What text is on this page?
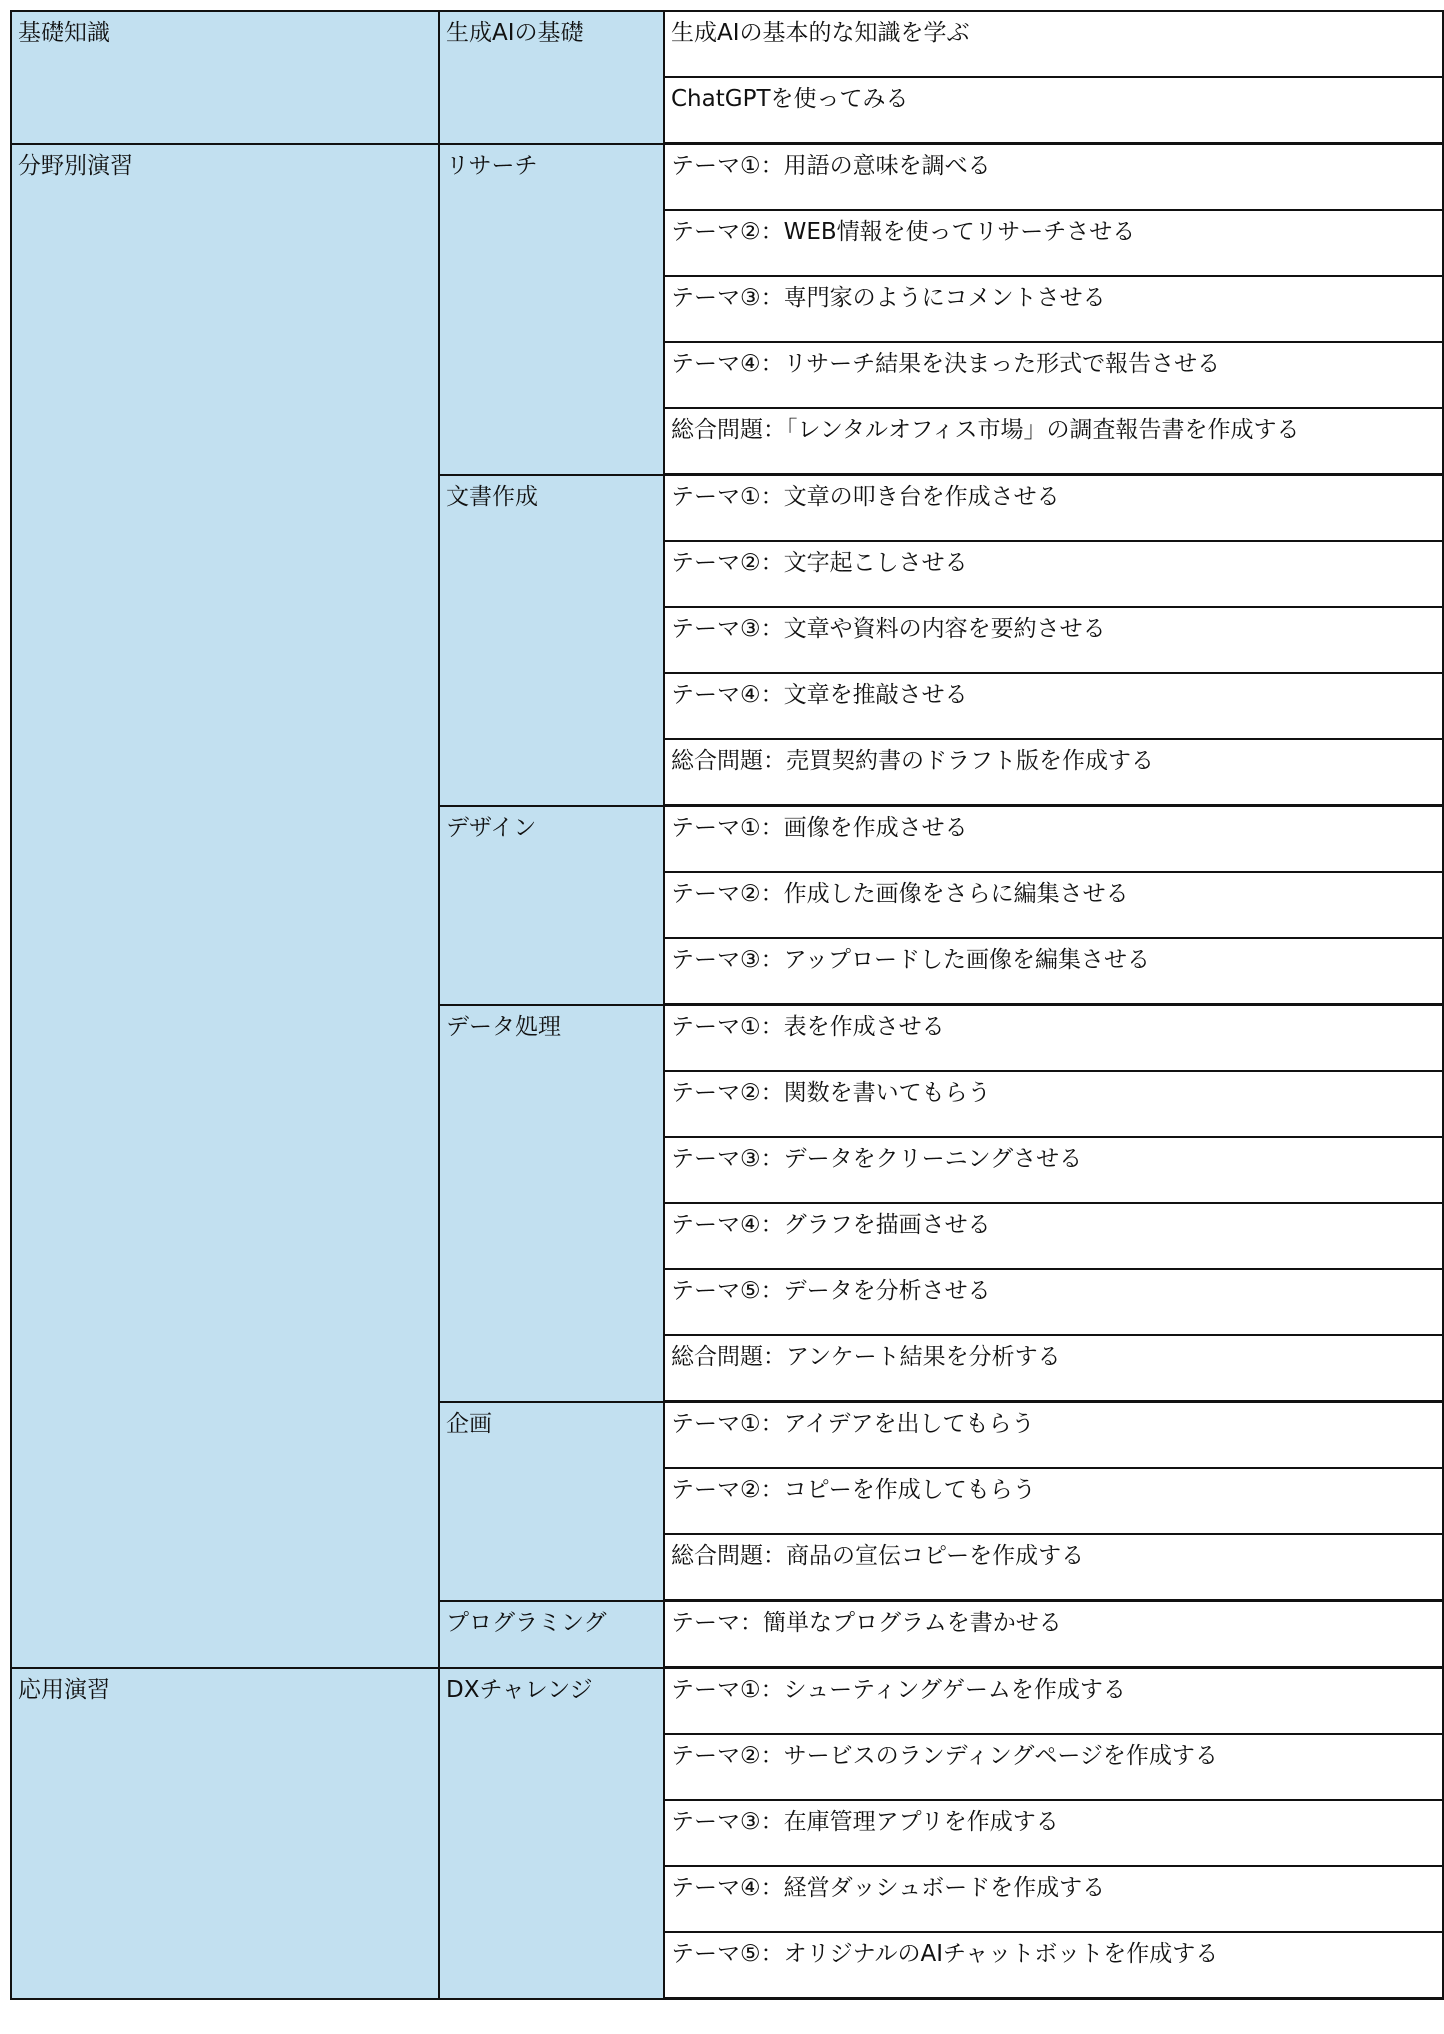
基礎知識	生成AIの基礎	生成AIの基本的な知識を学ぶ
		ChatGPTを使ってみる
分野別演習	リサーチ	テーマ①：用語の意味を調べる
		テーマ②：WEB情報を使ってリサーチさせる
		テーマ③：専門家のようにコメントさせる
		テーマ④：リサーチ結果を決まった形式で報告させる
		総合問題：「レンタルオフィス市場」の調査報告書を作成する
	文書作成	テーマ①：文章の叩き台を作成させる
		テーマ②：文字起こしさせる
		テーマ③：文章や資料の内容を要約させる
		テーマ④：文章を推敲させる
		総合問題：売買契約書のドラフト版を作成する
	デザイン	テーマ①：画像を作成させる
		テーマ②：作成した画像をさらに編集させる
		テーマ③：アップロードした画像を編集させる
	データ処理	テーマ①：表を作成させる
		テーマ②：関数を書いてもらう
		テーマ③：データをクリーニングさせる
		テーマ④：グラフを描画させる
		テーマ⑤：データを分析させる
		総合問題：アンケート結果を分析する
	企画	テーマ①：アイデアを出してもらう
		テーマ②：コピーを作成してもらう
		総合問題：商品の宣伝コピーを作成する
	プログラミング	テーマ：簡単なプログラムを書かせる
応用演習	DXチャレンジ	テーマ①：シューティングゲームを作成する
		テーマ②：サービスのランディングページを作成する
		テーマ③：在庫管理アプリを作成する
		テーマ④：経営ダッシュボードを作成する
		テーマ⑤：オリジナルのAIチャットボットを作成する
